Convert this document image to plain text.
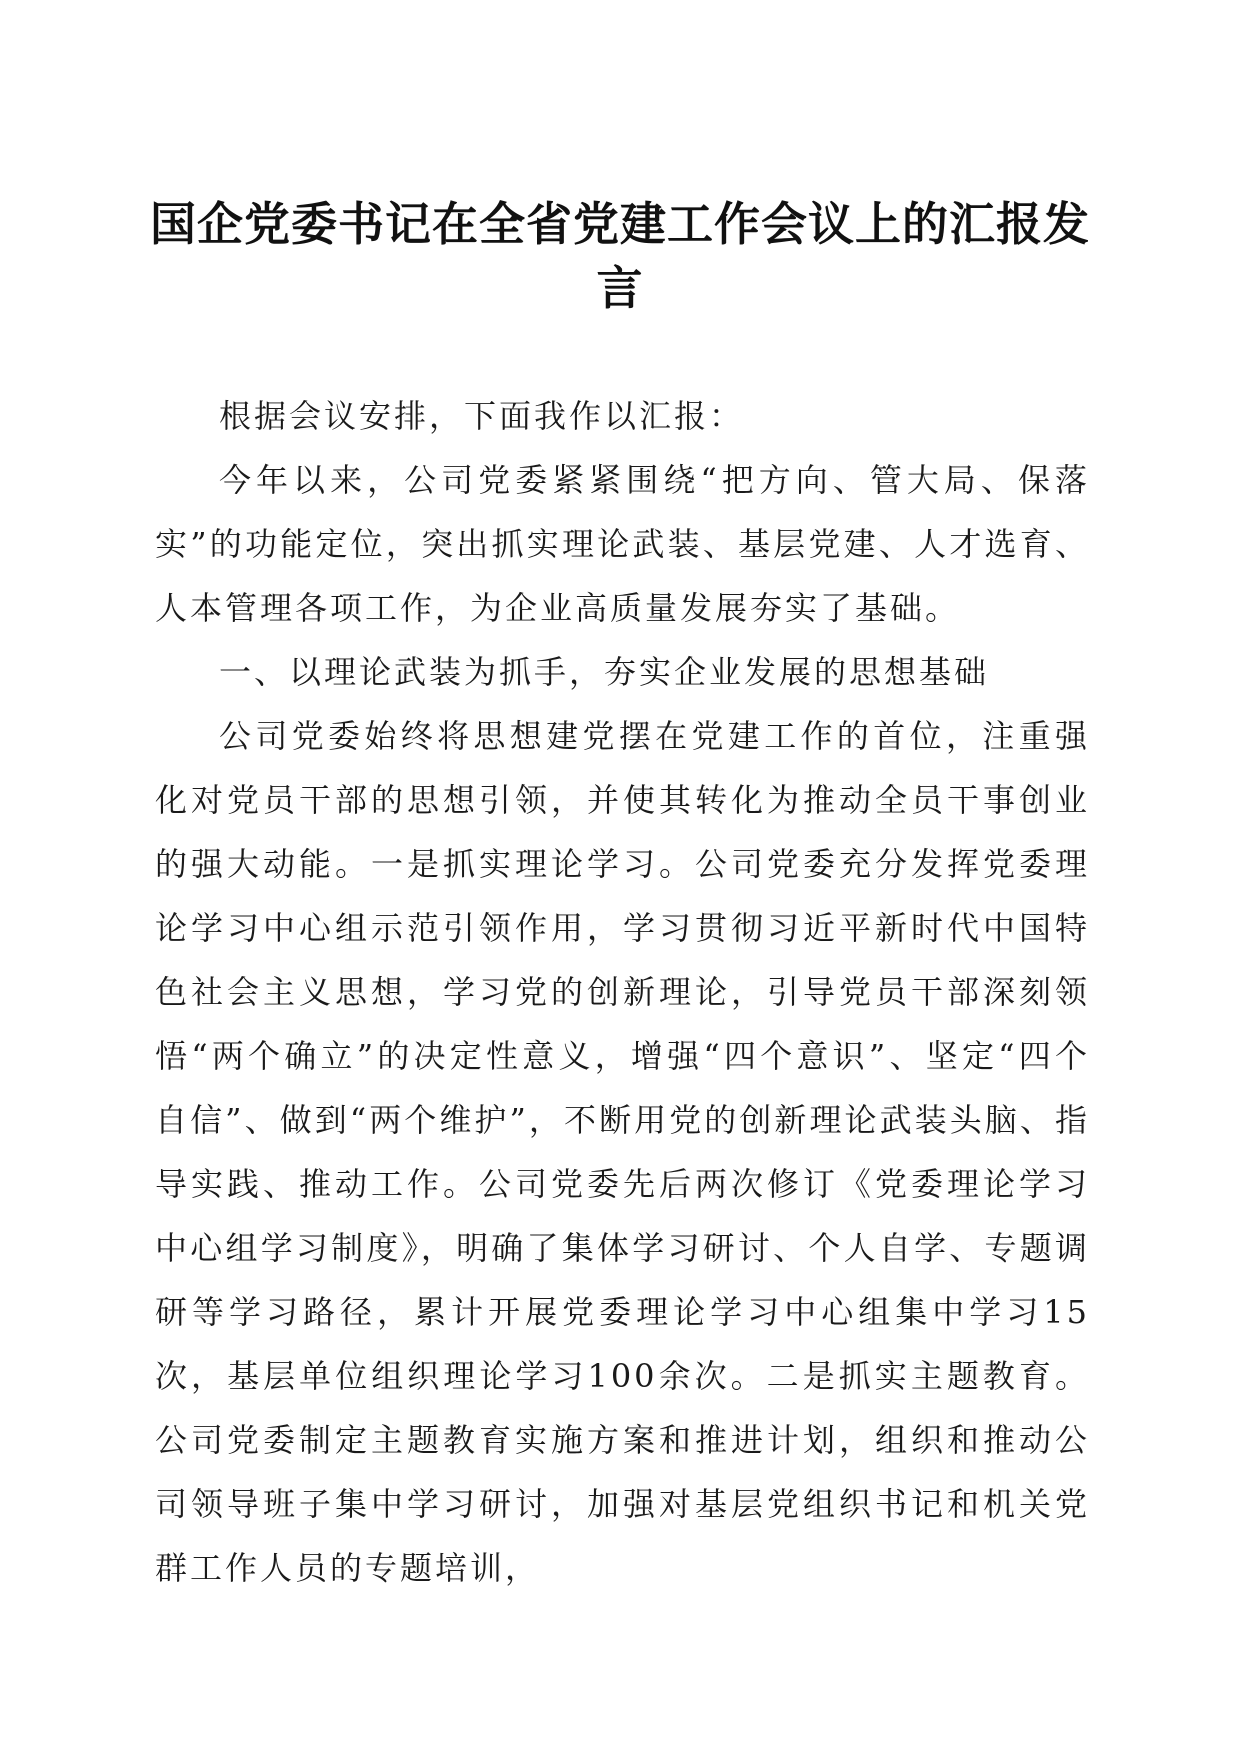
国企党委书记在全省党建工作会议上的汇报发言

根据会议安排，下面我作以汇报：

今年以来，公司党委紧紧围绕“把方向、管大局、保落实”的功能定位，突出抓实理论武装、基层党建、人才选育、人本管理各项工作，为企业高质量发展夯实了基础。

一、以理论武装为抓手，夯实企业发展的思想基础

公司党委始终将思想建党摆在党建工作的首位，注重强化对党员干部的思想引领，并使其转化为推动全员干事创业的强大动能。一是抓实理论学习。公司党委充分发挥党委理论学习中心组示范引领作用，学习贯彻习近平新时代中国特色社会主义思想，学习党的创新理论，引导党员干部深刻领悟“两个确立”的决定性意义，增强“四个意识”、坚定“四个自信”、做到“两个维护”，不断用党的创新理论武装头脑、指导实践、推动工作。公司党委先后两次修订《党委理论学习中心组学习制度》，明确了集体学习研讨、个人自学、专题调研等学习路径，累计开展党委理论学习中心组集中学习15次，基层单位组织理论学习100余次。二是抓实主题教育。公司党委制定主题教育实施方案和推进计划，组织和推动公司领导班子集中学习研讨，加强对基层党组织书记和机关党群工作人员的专题培训，
